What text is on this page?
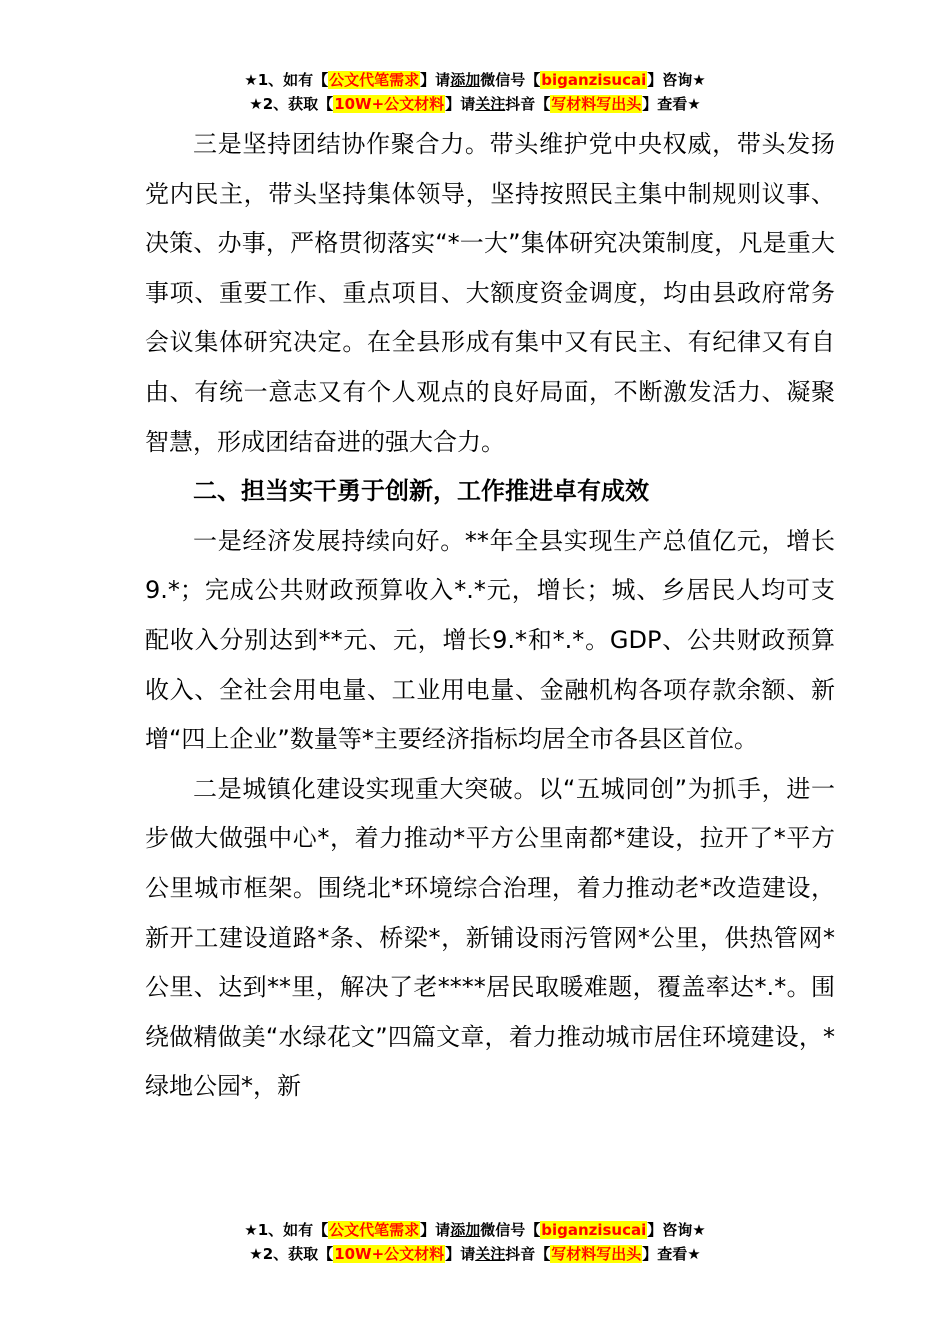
★1、如有【公文代笔需求】请添加微信号【biganzisucai】咨询★
★2、获取【10W+公文材料】请关注抖音【写材料写出头】查看★

三是坚持团结协作聚合力。带头维护党中央权威，带头发扬党内民主，带头坚持集体领导，坚持按照民主集中制规则议事、决策、办事，严格贯彻落实“*一大”集体研究决策制度，凡是重大事项、重要工作、重点项目、大额度资金调度，均由县政府常务会议集体研究决定。在全县形成有集中又有民主、有纪律又有自由、有统一意志又有个人观点的良好局面，不断激发活力、凝聚智慧，形成团结奋进的强大合力。

二、担当实干勇于创新，工作推进卓有成效

一是经济发展持续向好。**年全县实现生产总值亿元，增长9.*；完成公共财政预算收入*.*元，增长；城、乡居民人均可支配收入分别达到**元、元，增长9.*和*.*。GDP、公共财政预算收入、全社会用电量、工业用电量、金融机构各项存款余额、新增“四上企业”数量等*主要经济指标均居全市各县区首位。

二是城镇化建设实现重大突破。以“五城同创”为抓手，进一步做大做强中心*，着力推动*平方公里南都*建设，拉开了*平方公里城市框架。围绕北*环境综合治理，着力推动老*改造建设，新开工建设道路*条、桥梁*，新铺设雨污管网*公里，供热管网*公里、达到**里，解决了老****居民取暖难题，覆盖率达*.*。围绕做精做美“水绿花文”四篇文章，着力推动城市居住环境建设，*绿地公园*，新

★1、如有【公文代笔需求】请添加微信号【biganzisucai】咨询★
★2、获取【10W+公文材料】请关注抖音【写材料写出头】查看★
